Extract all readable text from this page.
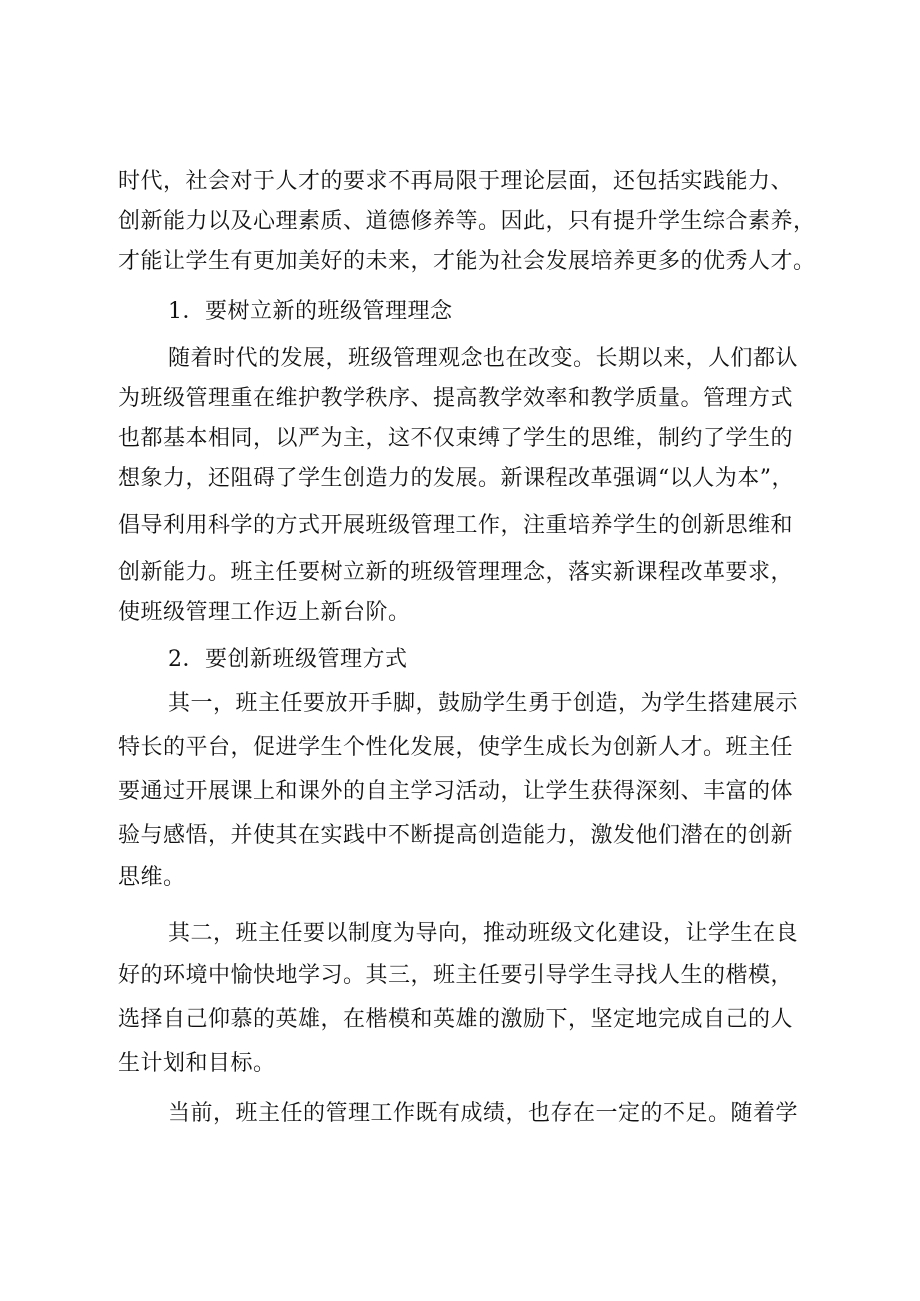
时代，社会对于人才的要求不再局限于理论层面，还包括实践能力、
创新能力以及心理素质、道德修养等。因此，只有提升学生综合素养，
才能让学生有更加美好的未来，才能为社会发展培养更多的优秀人才。
1．要树立新的班级管理理念
随着时代的发展，班级管理观念也在改变。长期以来，人们都认
为班级管理重在维护教学秩序、提高教学效率和教学质量。管理方式
也都基本相同，以严为主，这不仅束缚了学生的思维，制约了学生的
想象力，还阻碍了学生创造力的发展。新课程改革强调“以人为本”，
倡导利用科学的方式开展班级管理工作，注重培养学生的创新思维和
创新能力。班主任要树立新的班级管理理念，落实新课程改革要求，
使班级管理工作迈上新台阶。
2．要创新班级管理方式
其一，班主任要放开手脚，鼓励学生勇于创造，为学生搭建展示
特长的平台，促进学生个性化发展，使学生成长为创新人才。班主任
要通过开展课上和课外的自主学习活动，让学生获得深刻、丰富的体
验与感悟，并使其在实践中不断提高创造能力，激发他们潜在的创新
思维。
其二，班主任要以制度为导向，推动班级文化建设，让学生在良
好的环境中愉快地学习。其三，班主任要引导学生寻找人生的楷模，
选择自己仰慕的英雄，在楷模和英雄的激励下，坚定地完成自己的人
生计划和目标。
当前，班主任的管理工作既有成绩，也存在一定的不足。随着学
